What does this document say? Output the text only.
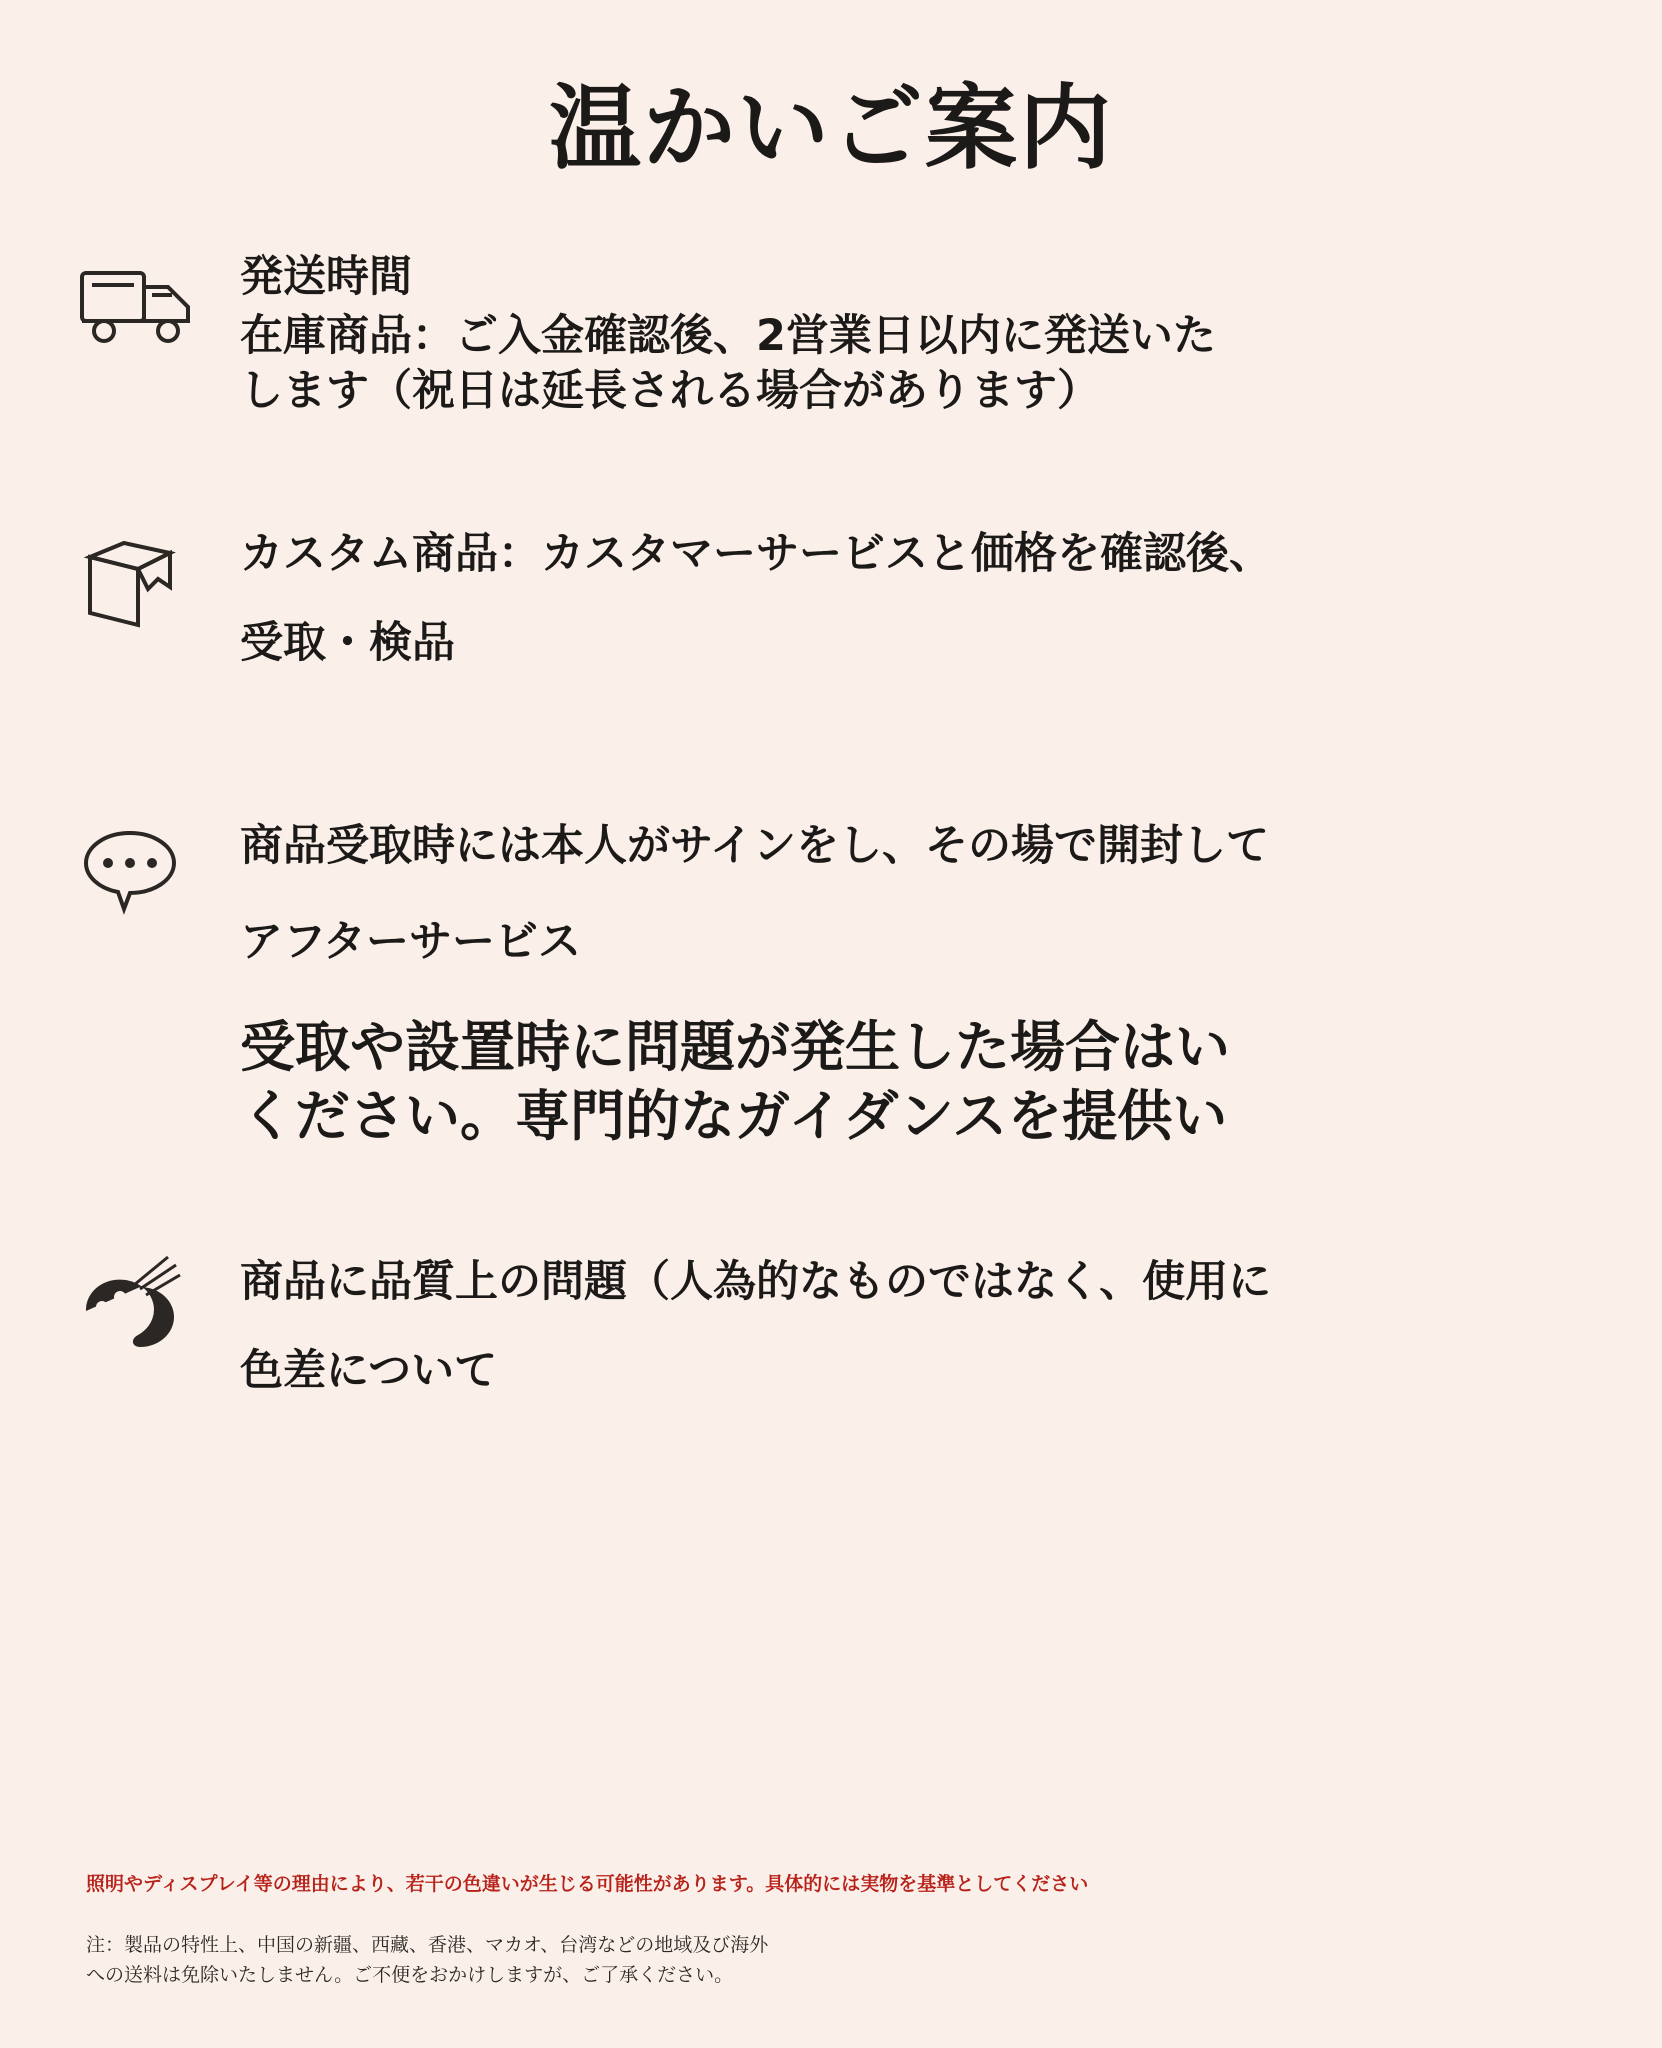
温かいご案内

発送時間

在庫商品：ご入金確認後、2営業日以内に発送いた

します（祝日は延長される場合があります）

カスタム商品：カスタマーサービスと価格を確認後、

受取・検品

商品受取時には本人がサインをし、その場で開封して

アフターサービス

受取や設置時に問題が発生した場合はい

ください。専門的なガイダンスを提供い

商品に品質上の問題（人為的なものではなく、使用に

色差について

照明やディスプレイ等の理由により、若干の色違いが生じる可能性があります。具体的には実物を基準としてください

注：製品の特性上、中国の新疆、西藏、香港、マカオ、台湾などの地域及び海外

への送料は免除いたしません。ご不便をおかけしますが、ご了承ください。
